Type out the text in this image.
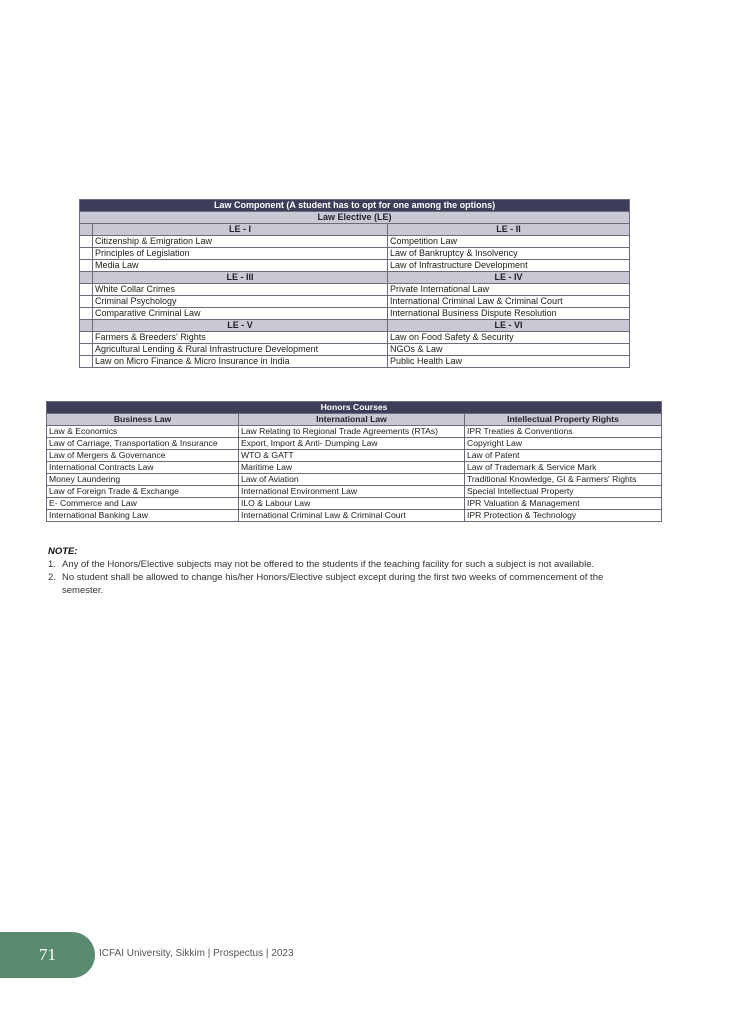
Law Component (A student has to opt for one among the options)		
Law Elective (LE)		
	LE - I	LE - II
	Citizenship & Emigration Law	Competition Law
	Principles of Legislation	Law of Bankruptcy & Insolvency
	Media Law	Law of Infrastructure Development
	LE - III	LE - IV
	White Collar Crimes	Private International Law
	Criminal Psychology	International Criminal Law & Criminal Court
	Comparative Criminal Law	International Business Dispute Resolution
	LE - V	LE - VI
	Farmers & Breeders' Rights	Law on Food Safety & Security
	Agricultural Lending & Rural Infrastructure Development	NGOs & Law
	Law on Micro Finance & Micro Insurance in India	Public Health Law
Honors Courses		
Business Law	International Law	Intellectual Property Rights
Law & Economics	Law Relating to Regional Trade Agreements (RTAs)	IPR Treaties & Conventions
Law of Carriage, Transportation & Insurance	Export, Import & Anti- Dumping Law	Copyright Law
Law of Mergers & Governance	WTO & GATT	Law of Patent
International Contracts Law	Maritime Law	Law of Trademark & Service Mark
Money Laundering	Law of Aviation	Traditional Knowledge, GI & Farmers' Rights
Law of Foreign Trade & Exchange	International Environment Law	Special Intellectual Property
E- Commerce and Law	ILO & Labour Law	IPR Valuation & Management
International Banking Law	International Criminal Law & Criminal Court	IPR Protection & Technology
NOTE:
1. Any of the Honors/Elective subjects may not be offered to the students if the teaching facility for such a subject is not available.
2. No student shall be allowed to change his/her Honors/Elective subject except during the first two weeks of commencement of the semester.
71	ICFAI University, Sikkim | Prospectus | 2023
